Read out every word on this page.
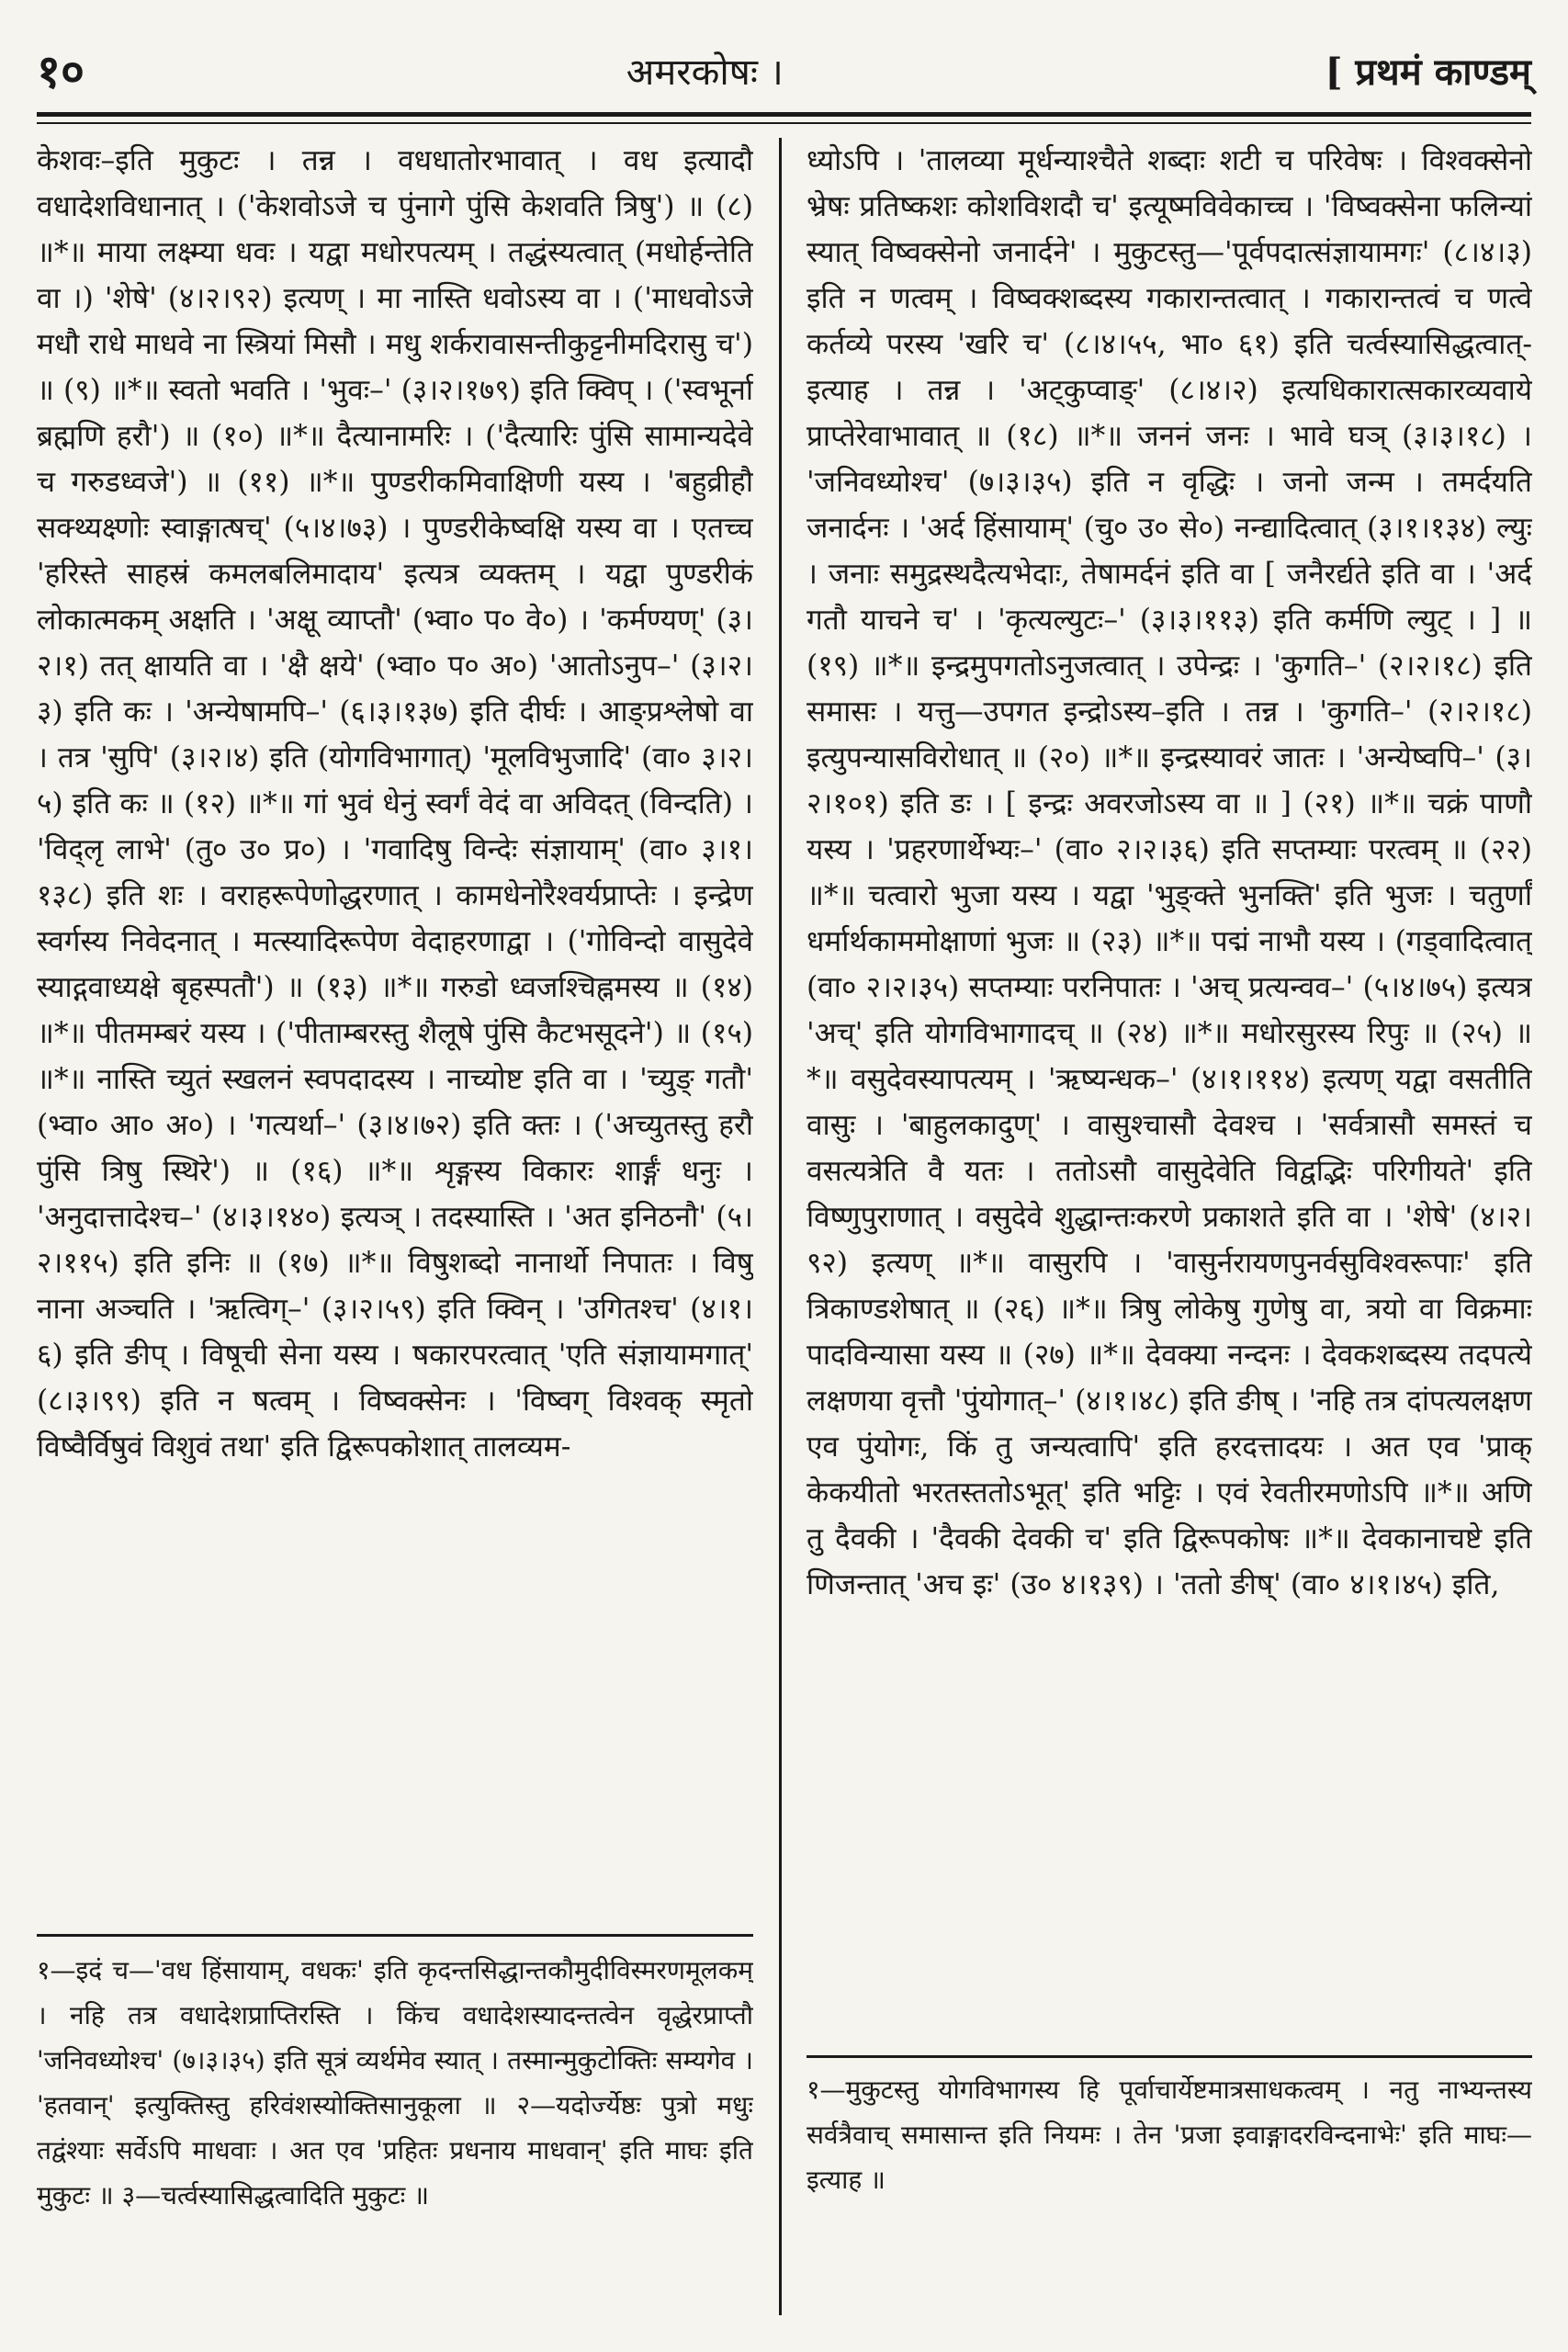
१०	अमरकोषः ।	[ प्रथमं काण्डम्

केशवः–इति मुकुटः । तन्न । वधधातोरभावात् । वध इत्यादौ वधादेशविधानात् । ('केशवोऽजे च पुंनागे पुंसि केशवति त्रिषु') ॥ (८) ॥*॥ माया लक्ष्म्या धवः । यद्वा मधोरपत्यम् । तद्धंस्यत्वात् (मधोर्हन्तेति वा ।) 'शेषे' (४।२।९२) इत्यण् । मा नास्ति धवोऽस्य वा । ('माधवोऽजे मधौ राधे माधवे ना स्त्रियां मिसौ । मधु शर्करावासन्तीकुट्टनीमदिरासु च') ॥ (९) ॥*॥ स्वतो भवति । 'भुवः–' (३।२।१७९) इति क्विप् । ('स्वभूर्ना ब्रह्मणि हरौ') ॥ (१०) ॥*॥ दैत्यानामरिः । ('दैत्यारिः पुंसि सामान्यदेवे च गरुडध्वजे') ॥ (११) ॥*॥ पुण्डरीकमिवाक्षिणी यस्य । 'बहुव्रीहौ सक्थ्यक्ष्णोः स्वाङ्गात्षच्' (५।४।७३) । पुण्डरीकेष्वक्षि यस्य वा । एतच्च 'हरिस्ते साहस्रं कमलबलिमादाय' इत्यत्र व्यक्तम् । यद्वा पुण्डरीकं लोकात्मकम् अक्षति । 'अक्षू व्याप्तौ' (भ्वा० प० वे०) । 'कर्मण्यण्' (३।२।१) तत् क्षायति वा । 'क्षै क्षये' (भ्वा० प० अ०) 'आतोऽनुप–' (३।२।३) इति कः । 'अन्येषामपि–' (६।३।१३७) इति दीर्घः । आङ्प्रश्लेषो वा । तत्र 'सुपि' (३।२।४) इति (योगविभागात्) 'मूलविभुजादि' (वा० ३।२।५) इति कः ॥ (१२) ॥*॥ गां भुवं धेनुं स्वर्गं वेदं वा अविदत् (विन्दति) । 'विद्लृ लाभे' (तु० उ० प्र०) । 'गवादिषु विन्देः संज्ञायाम्' (वा० ३।१।१३८) इति शः । वराहरूपेणोद्धरणात् । कामधेनोरैश्वर्यप्राप्तेः । इन्द्रेण स्वर्गस्य निवेदनात् । मत्स्यादिरूपेण वेदाहरणाद्वा । ('गोविन्दो वासुदेवे स्याद्गवाध्यक्षे बृहस्पतौ') ॥ (१३) ॥*॥ गरुडो ध्वजश्चिह्नमस्य ॥ (१४) ॥*॥ पीतमम्बरं यस्य । ('पीताम्बरस्तु शैलूषे पुंसि कैटभसूदने') ॥ (१५) ॥*॥ नास्ति च्युतं स्खलनं स्वपदादस्य । नाच्योष्ट इति वा । 'च्युङ् गतौ' (भ्वा० आ० अ०) । 'गत्यर्था–' (३।४।७२) इति क्तः । ('अच्युतस्तु हरौ पुंसि त्रिषु स्थिरे') ॥ (१६) ॥*॥ शृङ्गस्य विकारः शार्ङ्गं धनुः । 'अनुदात्तादेश्च–' (४।३।१४०) इत्यञ् । तदस्यास्ति । 'अत इनिठनौ' (५।२।११५) इति इनिः ॥ (१७) ॥*॥ विषुशब्दो नानार्थो निपातः । विषु नाना अञ्चति । 'ऋत्विग्–' (३।२।५९) इति क्विन् । 'उगितश्च' (४।१।६) इति ङीप् । विषूची सेना यस्य । षकारपरत्वात् 'एति संज्ञायामगात्' (८।३।९९) इति न षत्वम् । विष्वक्सेनः । 'विष्वग् विश्वक् स्मृतो विष्वैर्विषुवं विशुवं तथा' इति द्विरूपकोशात् तालव्यम-

ध्योऽपि । 'तालव्या मूर्धन्याश्चैते शब्दाः शटी च परिवेषः । विश्वक्सेनो भ्रेषः प्रतिष्कशः कोशविशदौ च' इत्यूष्मविवेकाच्च । 'विष्वक्सेना फलिन्यां स्यात् विष्वक्सेनो जनार्दने' । मुकुटस्तु—'पूर्वपदात्संज्ञायामगः' (८।४।३) इति न णत्वम् । विष्वक्शब्दस्य गकारान्तत्वात् । गकारान्तत्वं च णत्वे कर्तव्ये परस्य 'खरि च' (८।४।५५, भा० ६१) इति चर्त्वस्यासिद्धत्वात्-इत्याह । तन्न । 'अट्कुप्वाङ्' (८।४।२) इत्यधिकारात्सकारव्यवाये प्राप्तेरेवाभावात् ॥ (१८) ॥*॥ जननं जनः । भावे घञ् (३।३।१८) । 'जनिवध्योश्च' (७।३।३५) इति न वृद्धिः । जनो जन्म । तमर्दयति जनार्दनः । 'अर्द हिंसायाम्' (चु० उ० से०) नन्द्यादित्वात् (३।१।१३४) ल्युः । जनाः समुद्रस्थदैत्यभेदाः, तेषामर्दनं इति वा [ जनैरर्द्यते इति वा । 'अर्द गतौ याचने च' । 'कृत्यल्युटः–' (३।३।११३) इति कर्मणि ल्युट् । ] ॥ (१९) ॥*॥ इन्द्रमुपगतोऽनुजत्वात् । उपेन्द्रः । 'कुगति–' (२।२।१८) इति समासः । यत्तु—उपगत इन्द्रोऽस्य–इति । तन्न । 'कुगति–' (२।२।१८) इत्युपन्यासविरोधात् ॥ (२०) ॥*॥ इन्द्रस्यावरं जातः । 'अन्येष्वपि–' (३।२।१०१) इति डः । [ इन्द्रः अवरजोऽस्य वा ॥ ] (२१) ॥*॥ चक्रं पाणौ यस्य । 'प्रहरणार्थेभ्यः–' (वा० २।२।३६) इति सप्तम्याः परत्वम् ॥ (२२) ॥*॥ चत्वारो भुजा यस्य । यद्वा 'भुङ्क्ते भुनक्ति' इति भुजः । चतुर्णां धर्मार्थकाममोक्षाणां भुजः ॥ (२३) ॥*॥ पद्मं नाभौ यस्य । (गड्वादित्वात् (वा० २।२।३५) सप्तम्याः परनिपातः । 'अच् प्रत्यन्वव–' (५।४।७५) इत्यत्र 'अच्' इति योगविभागादच् ॥ (२४) ॥*॥ मधोरसुरस्य रिपुः ॥ (२५) ॥*॥ वसुदेवस्यापत्यम् । 'ऋष्यन्धक–' (४।१।११४) इत्यण् यद्वा वसतीति वासुः । 'बाहुलकादुण्' । वासुश्चासौ देवश्च । 'सर्वत्रासौ समस्तं च वसत्यत्रेति वै यतः । ततोऽसौ वासुदेवेति विद्वद्भिः परिगीयते' इति विष्णुपुराणात् । वसुदेवे शुद्धान्तःकरणे प्रकाशते इति वा । 'शेषे' (४।२।९२) इत्यण् ॥*॥ वासुरपि । 'वासुर्नरायणपुनर्वसुविश्वरूपाः' इति त्रिकाण्डशेषात् ॥ (२६) ॥*॥ त्रिषु लोकेषु गुणेषु वा, त्रयो वा विक्रमाः पादविन्यासा यस्य ॥ (२७) ॥*॥ देवक्या नन्दनः । देवकशब्दस्य तदपत्ये लक्षणया वृत्तौ 'पुंयोगात्–' (४।१।४८) इति ङीष् । 'नहि तत्र दांपत्यलक्षण एव पुंयोगः, किं तु जन्यत्वापि' इति हरदत्तादयः । अत एव 'प्राक् केकयीतो भरतस्ततोऽभूत्' इति भट्टिः । एवं रेवतीरमणोऽपि ॥*॥ अणि तु दैवकी । 'दैवकी देवकी च' इति द्विरूपकोषः ॥*॥ देवकानाचष्टे इति णिजन्तात् 'अच इः' (उ० ४।१३९) । 'ततो ङीष्' (वा० ४।१।४५) इति,

१—इदं च—'वध हिंसायाम्, वधकः' इति कृदन्तसिद्धान्तकौमुदीविस्मरणमूलकम् । नहि तत्र वधादेशप्राप्तिरस्ति । किंच वधादेशस्यादन्तत्वेन वृद्धेरप्राप्तौ 'जनिवध्योश्च' (७।३।३५) इति सूत्रं व्यर्थमेव स्यात् । तस्मान्मुकुटोक्तिः सम्यगेव । 'हतवान्' इत्युक्तिस्तु हरिवंशस्योक्तिसानुकूला ॥ २—यदोर्ज्येष्ठः पुत्रो मधुः तद्वंश्याः सर्वेऽपि माधवाः । अत एव 'प्रहितः प्रधनाय माधवान्' इति माघः इति मुकुटः ॥ ३—चर्त्वस्यासिद्धत्वादिति मुकुटः ॥

१—मुकुटस्तु योगविभागस्य हि पूर्वाचार्येष्टमात्रसाधकत्वम् । नतु नाभ्यन्तस्य सर्वत्रैवाच् समासान्त इति नियमः । तेन 'प्रजा इवाङ्गादरविन्दनाभेः' इति माघः—इत्याह ॥
